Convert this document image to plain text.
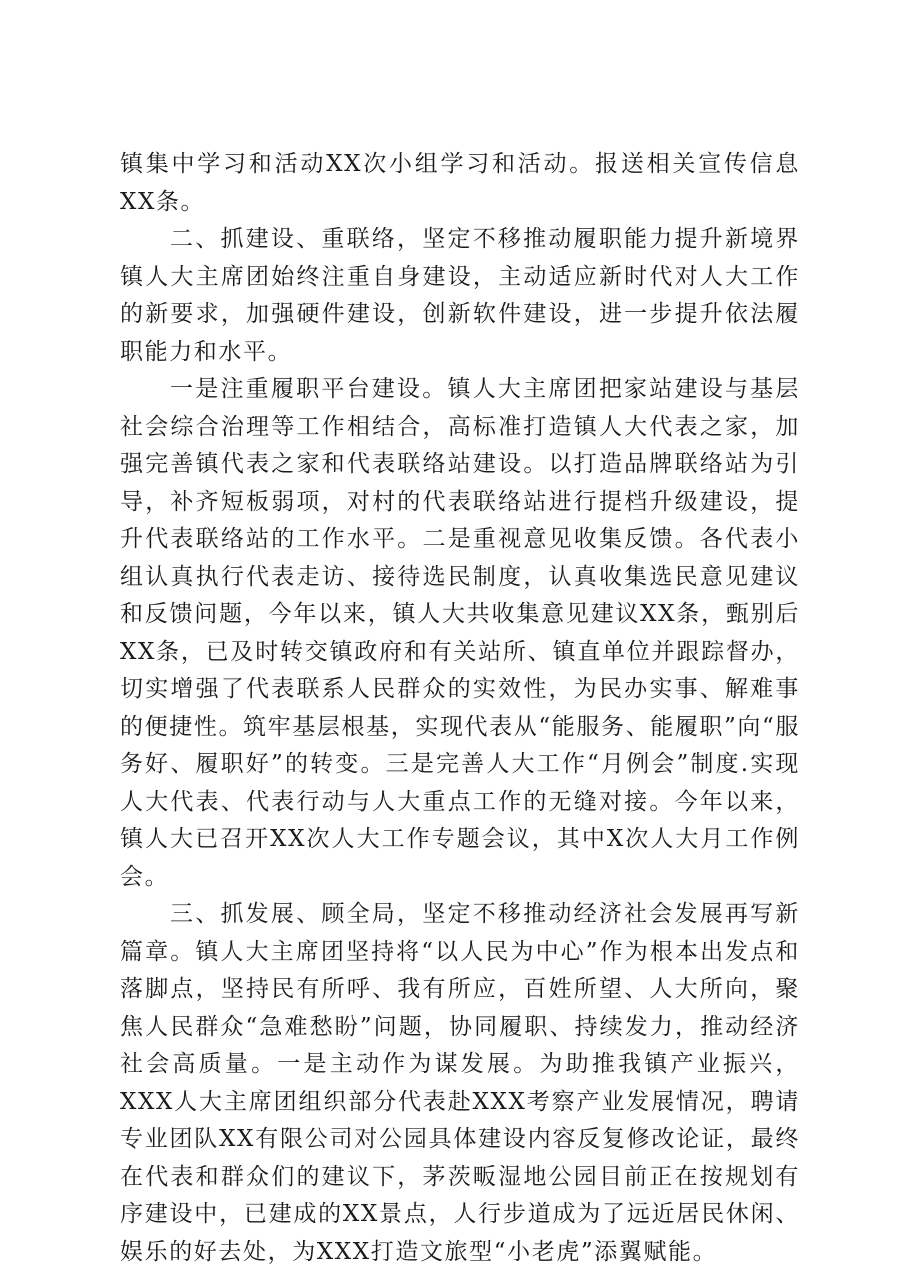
镇集中学习和活动XX次小组学习和活动。报送相关宣传信息XX条。

二、抓建设、重联络，坚定不移推动履职能力提升新境界镇人大主席团始终注重自身建设，主动适应新时代对人大工作的新要求，加强硬件建设，创新软件建设，进一步提升依法履职能力和水平。

一是注重履职平台建设。镇人大主席团把家站建设与基层社会综合治理等工作相结合，高标准打造镇人大代表之家，加强完善镇代表之家和代表联络站建设。以打造品牌联络站为引导，补齐短板弱项，对村的代表联络站进行提档升级建设，提升代表联络站的工作水平。二是重视意见收集反馈。各代表小组认真执行代表走访、接待选民制度，认真收集选民意见建议和反馈问题，今年以来，镇人大共收集意见建议XX条，甄别后XX条，已及时转交镇政府和有关站所、镇直单位并跟踪督办，切实增强了代表联系人民群众的实效性，为民办实事、解难事的便捷性。筑牢基层根基，实现代表从“能服务、能履职”向“服务好、履职好”的转变。三是完善人大工作“月例会”制度.实现人大代表、代表行动与人大重点工作的无缝对接。今年以来，镇人大已召开XX次人大工作专题会议，其中X次人大月工作例会。

三、抓发展、顾全局，坚定不移推动经济社会发展再写新篇章。镇人大主席团坚持将“以人民为中心”作为根本出发点和落脚点，坚持民有所呼、我有所应，百姓所望、人大所向，聚焦人民群众“急难愁盼”问题，协同履职、持续发力，推动经济社会高质量。一是主动作为谋发展。为助推我镇产业振兴，XXX人大主席团组织部分代表赴XXX考察产业发展情况，聘请专业团队XX有限公司对公园具体建设内容反复修改论证，最终在代表和群众们的建议下，茅茨畈湿地公园目前正在按规划有序建设中，已建成的XX景点，人行步道成为了远近居民休闲、娱乐的好去处，为XXX打造文旅型“小老虎”添翼赋能。
